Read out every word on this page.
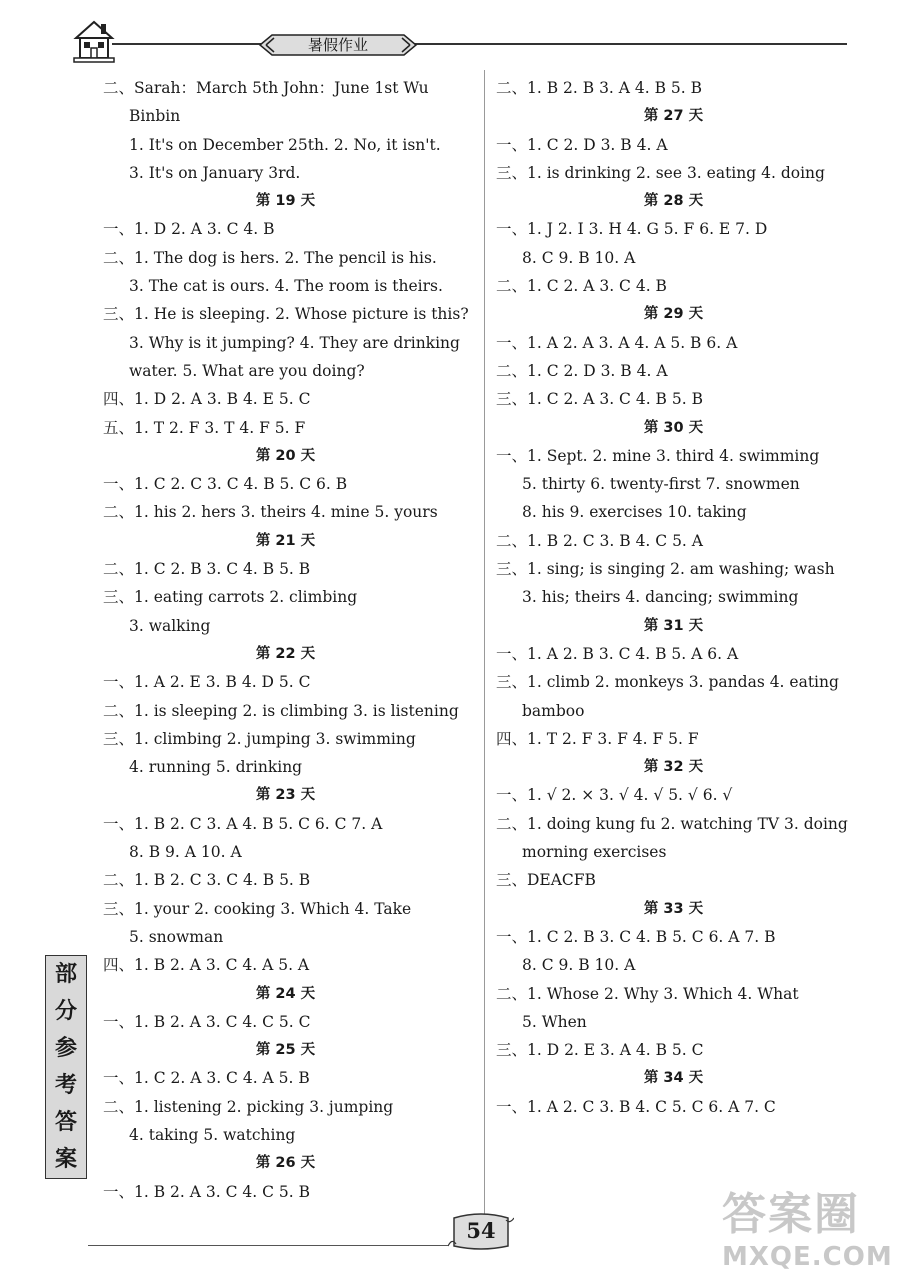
暑假作业
二、Sarah：March 5th John：June 1st Wu
Binbin
1. It's on December 25th. 2. No, it isn't.
3. It's on January 3rd.
第 19 天
一、1. D 2. A 3. C 4. B
二、1. The dog is hers. 2. The pencil is his.
3. The cat is ours. 4. The room is theirs.
三、1. He is sleeping. 2. Whose picture is this?
3. Why is it jumping? 4. They are drinking
water. 5. What are you doing?
四、1. D 2. A 3. B 4. E 5. C
五、1. T 2. F 3. T 4. F 5. F
第 20 天
一、1. C 2. C 3. C 4. B 5. C 6. B
二、1. his 2. hers 3. theirs 4. mine 5. yours
第 21 天
二、1. C 2. B 3. C 4. B 5. B
三、1. eating carrots 2. climbing
3. walking
第 22 天
一、1. A 2. E 3. B 4. D 5. C
二、1. is sleeping 2. is climbing 3. is listening
三、1. climbing 2. jumping 3. swimming
4. running 5. drinking
第 23 天
一、1. B 2. C 3. A 4. B 5. C 6. C 7. A
8. B 9. A 10. A
二、1. B 2. C 3. C 4. B 5. B
三、1. your 2. cooking 3. Which 4. Take
5. snowman
四、1. B 2. A 3. C 4. A 5. A
第 24 天
一、1. B 2. A 3. C 4. C 5. C
第 25 天
一、1. C 2. A 3. C 4. A 5. B
二、1. listening 2. picking 3. jumping
4. taking 5. watching
第 26 天
一、1. B 2. A 3. C 4. C 5. B
二、1. B 2. B 3. A 4. B 5. B
第 27 天
一、1. C 2. D 3. B 4. A
三、1. is drinking 2. see 3. eating 4. doing
第 28 天
一、1. J 2. I 3. H 4. G 5. F 6. E 7. D
8. C 9. B 10. A
二、1. C 2. A 3. C 4. B
第 29 天
一、1. A 2. A 3. A 4. A 5. B 6. A
二、1. C 2. D 3. B 4. A
三、1. C 2. A 3. C 4. B 5. B
第 30 天
一、1. Sept. 2. mine 3. third 4. swimming
5. thirty 6. twenty-first 7. snowmen
8. his 9. exercises 10. taking
二、1. B 2. C 3. B 4. C 5. A
三、1. sing; is singing 2. am washing; wash
3. his; theirs 4. dancing; swimming
第 31 天
一、1. A 2. B 3. C 4. B 5. A 6. A
三、1. climb 2. monkeys 3. pandas 4. eating
bamboo
四、1. T 2. F 3. F 4. F 5. F
第 32 天
一、1. √ 2. × 3. √ 4. √ 5. √ 6. √
二、1. doing kung fu 2. watching TV 3. doing
morning exercises
三、DEACFB
第 33 天
一、1. C 2. B 3. C 4. B 5. C 6. A 7. B
8. C 9. B 10. A
二、1. Whose 2. Why 3. Which 4. What
5. When
三、1. D 2. E 3. A 4. B 5. C
第 34 天
一、1. A 2. C 3. B 4. C 5. C 6. A 7. C
部
分
参
考
答
案
54	答案圈
MXQE.COM
